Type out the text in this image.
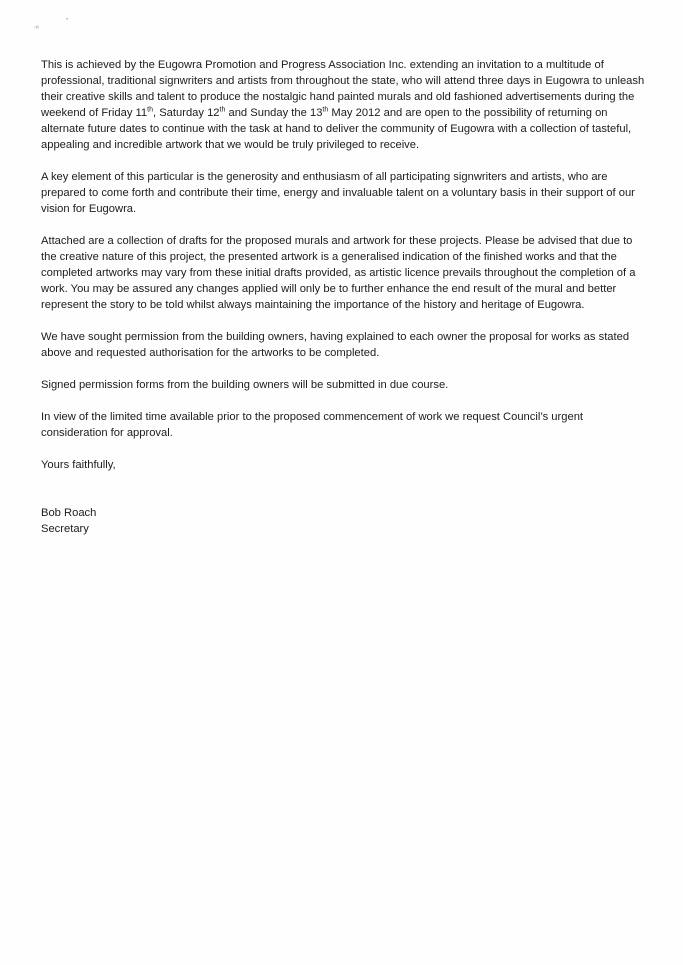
·«
”

This is achieved by the Eugowra Promotion and Progress Association Inc. extending an invitation to a multitude of professional, traditional signwriters and artists from throughout the state, who will attend three days in Eugowra to unleash their creative skills and talent to produce the nostalgic hand painted murals and old fashioned advertisements during the weekend of Friday 11th, Saturday 12th and Sunday the 13th May 2012 and are open to the possibility of returning on alternate future dates to continue with the task at hand to deliver the community of Eugowra with a collection of tasteful, appealing and incredible artwork that we would be truly privileged to receive.

A key element of this particular is the generosity and enthusiasm of all participating signwriters and artists, who are prepared to come forth and contribute their time, energy and invaluable talent on a voluntary basis in their support of our vision for Eugowra.

Attached are a collection of drafts for the proposed murals and artwork for these projects. Please be advised that due to the creative nature of this project, the presented artwork is a generalised indication of the finished works and that the completed artworks may vary from these initial drafts provided, as artistic licence prevails throughout the completion of a work. You may be assured any changes applied will only be to further enhance the end result of the mural and better represent the story to be told whilst always maintaining the importance of the history and heritage of Eugowra.

We have sought permission from the building owners, having explained to each owner the proposal for works as stated above and requested authorisation for the artworks to be completed.

Signed permission forms from the building owners will be submitted in due course.

In view of the limited time available prior to the proposed commencement of work we request Council’s urgent consideration for approval.

Yours faithfully,

Bob Roach
Secretary
